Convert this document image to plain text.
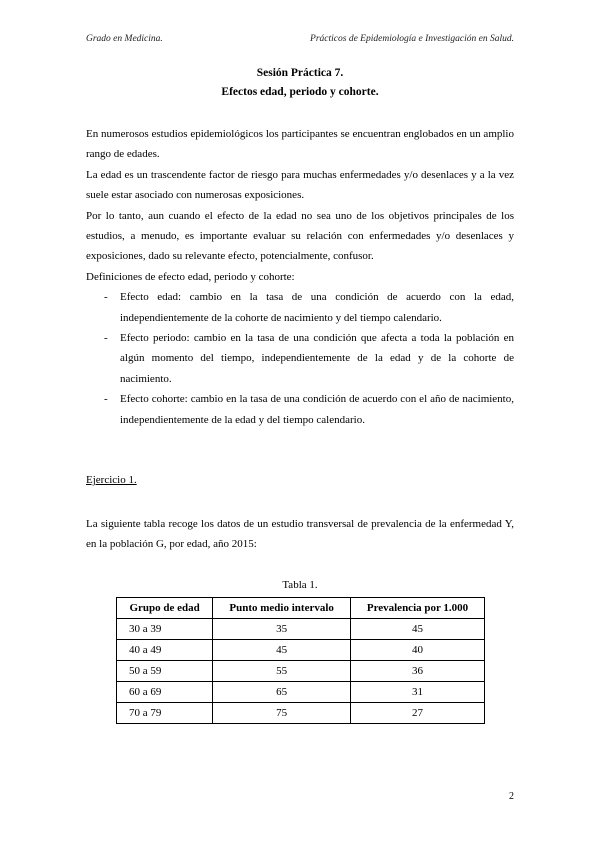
Grado en Medicina.	Prácticos de Epidemiología e Investigación en Salud.
Sesión Práctica 7.
Efectos edad, periodo y cohorte.

En numerosos estudios epidemiológicos los participantes se encuentran englobados en un amplio rango de edades.

La edad es un trascendente factor de riesgo para muchas enfermedades y/o desenlaces y a la vez suele estar asociado con numerosas exposiciones.

Por lo tanto, aun cuando el efecto de la edad no sea uno de los objetivos principales de los estudios, a menudo, es importante evaluar su relación con enfermedades y/o desenlaces y exposiciones, dado su relevante efecto, potencialmente, confusor.

Definiciones de efecto edad, periodo y cohorte:

- Efecto edad: cambio en la tasa de una condición de acuerdo con la edad, independientemente de la cohorte de nacimiento y del tiempo calendario.
- Efecto periodo: cambio en la tasa de una condición que afecta a toda la población en algún momento del tiempo, independientemente de la edad y de la cohorte de nacimiento.
- Efecto cohorte: cambio en la tasa de una condición de acuerdo con el año de nacimiento, independientemente de la edad y del tiempo calendario.
Ejercicio 1.
La siguiente tabla recoge los datos de un estudio transversal de prevalencia de la enfermedad Y, en la población G, por edad, año 2015:
Tabla 1.
Grupo de edad	Punto medio intervalo	Prevalencia por 1.000
30 a 39	35	45
40 a 49	45	40
50 a 59	55	36
60 a 69	65	31
70 a 79	75	27
2
